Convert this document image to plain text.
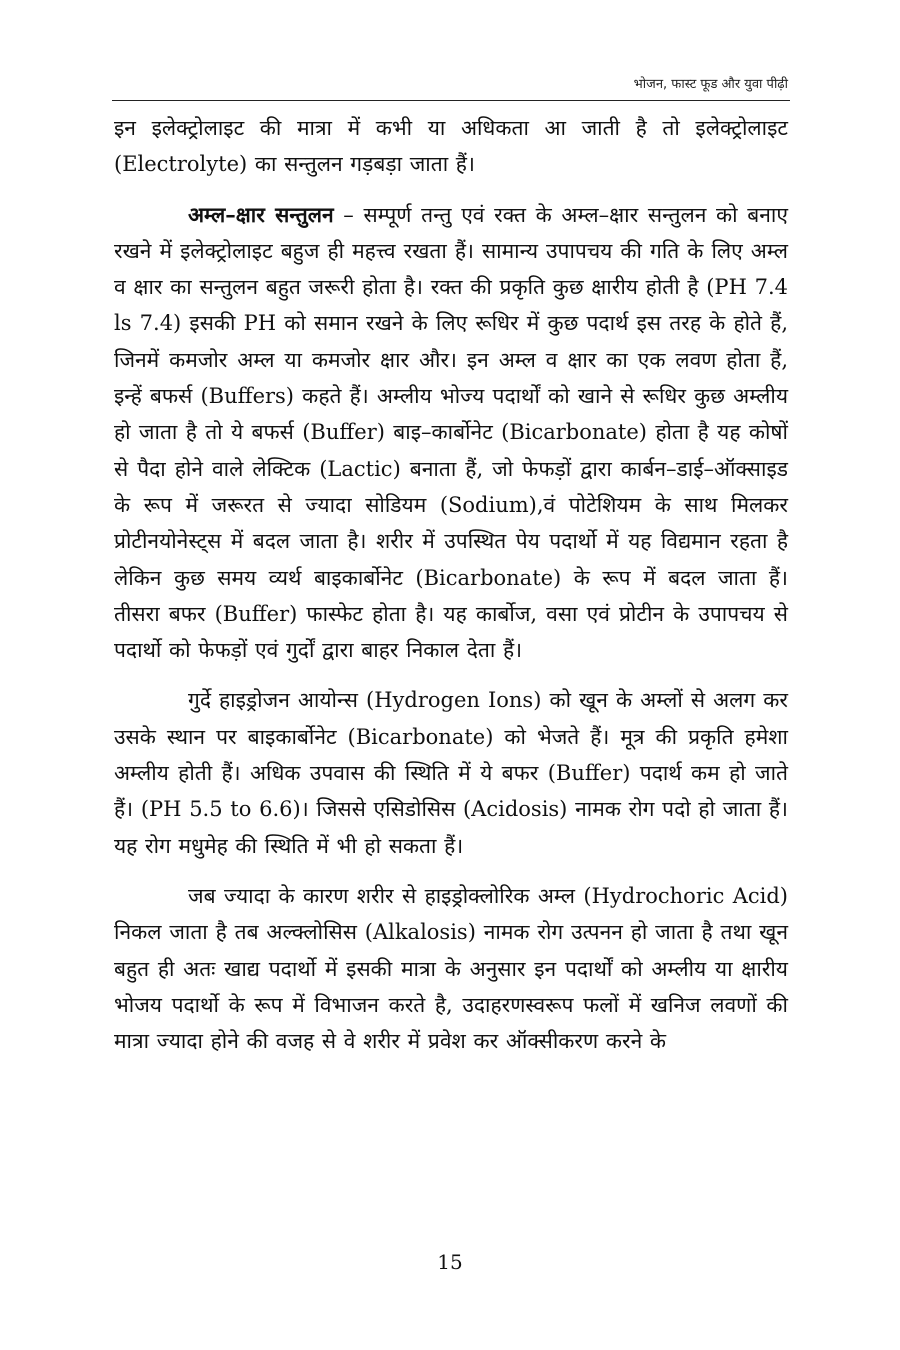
भोजन, फास्ट फूड और युवा पीढ़ी

इन इलेक्ट्रोलाइट की मात्रा में कभी या अधिकता आ जाती है तो इलेक्ट्रोलाइट (Electrolyte) का सन्तुलन गड़बड़ा जाता हैं।

अम्ल–क्षार सन्तुलन – सम्पूर्ण तन्तु एवं रक्त के अम्ल–क्षार सन्तुलन को बनाए रखने में इलेक्ट्रोलाइट बहुज ही महत्त्व रखता हैं। सामान्य उपापचय की गति के लिए अम्ल व क्षार का सन्तुलन बहुत जरूरी होता है। रक्त की प्रकृति कुछ क्षारीय होती है (PH 7.4 ls 7.4) इसकी PH को समान रखने के लिए रूधिर में कुछ पदार्थ इस तरह के होते हैं, जिनमें कमजोर अम्ल या कमजोर क्षार और। इन अम्ल व क्षार का एक लवण होता हैं, इन्हें बफर्स (Buffers) कहते हैं। अम्लीय भोज्य पदार्थों को खाने से रूधिर कुछ अम्लीय हो जाता है तो ये बफर्स (Buffer) बाइ–कार्बोनेट (Bicarbonate) होता है यह कोषों से पैदा होने वाले लेक्टिक (Lactic) बनाता हैं, जो फेफड़ों द्वारा कार्बन–डाई–ऑक्साइड के रूप में जरूरत से ज्यादा सोडियम (Sodium),वं पोटेशियम के साथ मिलकर प्रोटीनयोनेस्ट्स में बदल जाता है। शरीर में उपस्थित पेय पदार्थो में यह विद्यमान रहता है लेकिन कुछ समय व्यर्थ बाइकार्बोनेट (Bicarbonate) के रूप में बदल जाता हैं। तीसरा बफर (Buffer) फास्फेट होता है। यह कार्बोज, वसा एवं प्रोटीन के उपापचय से पदार्थो को फेफड़ों एवं गुर्दों द्वारा बाहर निकाल देता हैं।

गुर्दे हाइड्रोजन आयोन्स (Hydrogen Ions) को खून के अम्लों से अलग कर उसके स्थान पर बाइकार्बोनेट (Bicarbonate) को भेजते हैं। मूत्र की प्रकृति हमेशा अम्लीय होती हैं। अधिक उपवास की स्थिति में ये बफर (Buffer) पदार्थ कम हो जाते हैं। (PH 5.5 to 6.6)। जिससे एसिडोसिस (Acidosis) नामक रोग पदो हो जाता हैं। यह रोग मधुमेह की स्थिति में भी हो सकता हैं।

जब ज्यादा के कारण शरीर से हाइड्रोक्लोरिक अम्ल (Hydrochoric Acid) निकल जाता है तब अल्क्लोसिस (Alkalosis) नामक रोग उत्पनन हो जाता है तथा खून बहुत ही अतः खाद्य पदार्थो में इसकी मात्रा के अनुसार इन पदार्थों को अम्लीय या क्षारीय भोजय पदार्थो के रूप में विभाजन करते है, उदाहरणस्वरूप फलों में खनिज लवणों की मात्रा ज्यादा होने की वजह से वे शरीर में प्रवेश कर ऑक्सीकरण करने के

15
